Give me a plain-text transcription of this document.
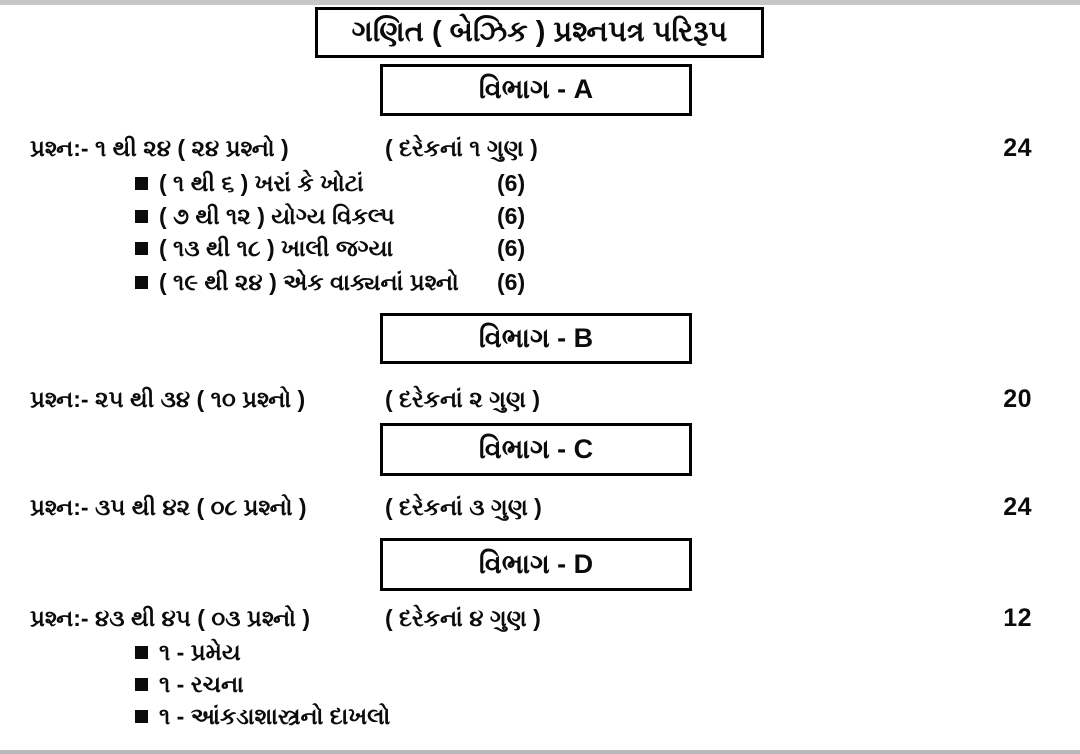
ગણિત ( બેઝિક ) પ્રશ્નપત્ર પરિરૂપ
વિભાગ - A
પ્રશ્ન:- ૧ થી ૨૪ ( ૨૪ પ્રશ્નો )	( દરેકનાં ૧ ગુણ )	24
( ૧ થી ૬ ) ખરાં કે ખોટાં	(6)
( ૭ થી ૧૨ ) યોગ્ય વિકલ્પ	(6)
( ૧૩ થી ૧૮ ) ખાલી જગ્યા	(6)
( ૧૯ થી ૨૪ ) એક વાક્યનાં પ્રશ્નો (6)
વિભાગ - B
પ્રશ્ન:- ૨૫ થી ૩૪ ( ૧૦ પ્રશ્નો )	( દરેકનાં ૨ ગુણ )	20
વિભાગ - C
પ્રશ્ન:- ૩૫ થી ૪૨ ( ૦૮ પ્રશ્નો )	( દરેકનાં ૩ ગુણ )	24
વિભાગ - D
પ્રશ્ન:- ૪૩ થી ૪૫ ( ૦૩ પ્રશ્નો )	( દરેકનાં ૪ ગુણ )	12
૧ - પ્રમેય
૧ - રચના
૧ - આંકડાશાસ્ત્રનો દાખલો
